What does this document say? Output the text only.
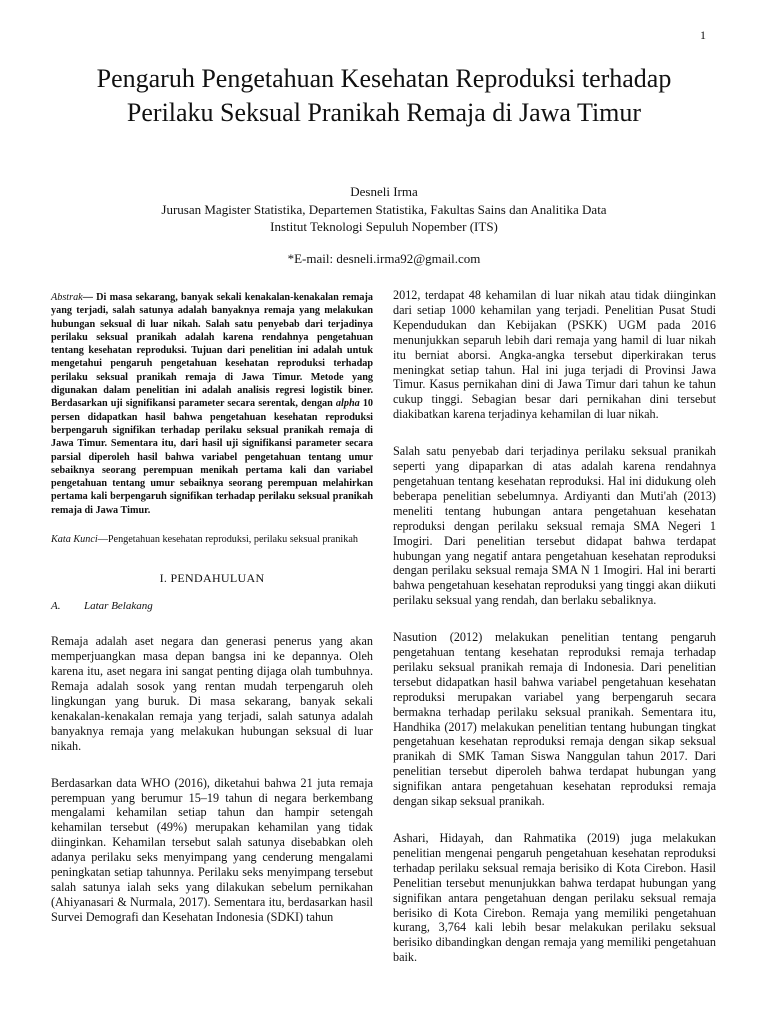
1
Pengaruh Pengetahuan Kesehatan Reproduksi terhadap Perilaku Seksual Pranikah Remaja di Jawa Timur
Desneli Irma
Jurusan Magister Statistika, Departemen Statistika, Fakultas Sains dan Analitika Data
Institut Teknologi Sepuluh Nopember (ITS)
*E-mail: desneli.irma92@gmail.com

Abstrak— Di masa sekarang, banyak sekali kenakalan-kenakalan remaja yang terjadi, salah satunya adalah banyaknya remaja yang melakukan hubungan seksual di luar nikah. Salah satu penyebab dari terjadinya perilaku seksual pranikah adalah karena rendahnya pengetahuan tentang kesehatan reproduksi. Tujuan dari penelitian ini adalah untuk mengetahui pengaruh pengetahuan kesehatan reproduksi terhadap perilaku seksual pranikah remaja di Jawa Timur. Metode yang digunakan dalam penelitian ini adalah analisis regresi logistik biner. Berdasarkan uji signifikansi parameter secara serentak, dengan alpha 10 persen didapatkan hasil bahwa pengetahuan kesehatan reproduksi berpengaruh signifikan terhadap perilaku seksual pranikah remaja di Jawa Timur. Sementara itu, dari hasil uji signifikansi parameter secara parsial diperoleh hasil bahwa variabel pengetahuan tentang umur sebaiknya seorang perempuan menikah pertama kali dan variabel pengetahuan tentang umur sebaiknya seorang perempuan melahirkan pertama kali berpengaruh signifikan terhadap perilaku seksual pranikah remaja di Jawa Timur.

Kata Kunci—Pengetahuan kesehatan reproduksi, perilaku seksual pranikah

I. PENDAHULUAN

A. Latar Belakang

Remaja adalah aset negara dan generasi penerus yang akan memperjuangkan masa depan bangsa ini ke depannya. Oleh karena itu, aset negara ini sangat penting dijaga olah tumbuhnya. Remaja adalah sosok yang rentan mudah terpengaruh oleh lingkungan yang buruk. Di masa sekarang, banyak sekali kenakalan-kenakalan remaja yang terjadi, salah satunya adalah banyaknya remaja yang melakukan hubungan seksual di luar nikah.

Berdasarkan data WHO (2016), diketahui bahwa 21 juta remaja perempuan yang berumur 15–19 tahun di negara berkembang mengalami kehamilan setiap tahun dan hampir setengah kehamilan tersebut (49%) merupakan kehamilan yang tidak diinginkan. Kehamilan tersebut salah satunya disebabkan oleh adanya perilaku seks menyimpang yang cenderung mengalami peningkatan setiap tahunnya. Perilaku seks menyimpang tersebut salah satunya ialah seks yang dilakukan sebelum pernikahan (Ahiyanasari & Nurmala, 2017). Sementara itu, berdasarkan hasil Survei Demografi dan Kesehatan Indonesia (SDKI) tahun

2012, terdapat 48 kehamilan di luar nikah atau tidak diinginkan dari setiap 1000 kehamilan yang terjadi. Penelitian Pusat Studi Kependudukan dan Kebijakan (PSKK) UGM pada 2016 menunjukkan separuh lebih dari remaja yang hamil di luar nikah itu berniat aborsi. Angka-angka tersebut diperkirakan terus meningkat setiap tahun. Hal ini juga terjadi di Provinsi Jawa Timur. Kasus pernikahan dini di Jawa Timur dari tahun ke tahun cukup tinggi. Sebagian besar dari pernikahan dini tersebut diakibatkan karena terjadinya kehamilan di luar nikah.

Salah satu penyebab dari terjadinya perilaku seksual pranikah seperti yang dipaparkan di atas adalah karena rendahnya pengetahuan tentang kesehatan reproduksi. Hal ini didukung oleh beberapa penelitian sebelumnya. Ardiyanti dan Muti'ah (2013) meneliti tentang hubungan antara pengetahuan kesehatan reproduksi dengan perilaku seksual remaja SMA Negeri 1 Imogiri. Dari penelitian tersebut didapat bahwa terdapat hubungan yang negatif antara pengetahuan kesehatan reproduksi dengan perilaku seksual remaja SMA N 1 Imogiri. Hal ini berarti bahwa pengetahuan kesehatan reproduksi yang tinggi akan diikuti perilaku seksual yang rendah, dan berlaku sebaliknya.

Nasution (2012) melakukan penelitian tentang pengaruh pengetahuan tentang kesehatan reproduksi remaja terhadap perilaku seksual pranikah remaja di Indonesia. Dari penelitian tersebut didapatkan hasil bahwa variabel pengetahuan kesehatan reproduksi merupakan variabel yang berpengaruh secara bermakna terhadap perilaku seksual pranikah. Sementara itu, Handhika (2017) melakukan penelitian tentang hubungan tingkat pengetahuan kesehatan reproduksi remaja dengan sikap seksual pranikah di SMK Taman Siswa Nanggulan tahun 2017. Dari penelitian tersebut diperoleh bahwa terdapat hubungan yang signifikan antara pengetahuan kesehatan reproduksi remaja dengan sikap seksual pranikah.

Ashari, Hidayah, dan Rahmatika (2019) juga melakukan penelitian mengenai pengaruh pengetahuan kesehatan reproduksi terhadap perilaku seksual remaja berisiko di Kota Cirebon. Hasil Penelitian tersebut menunjukkan bahwa terdapat hubungan yang signifikan antara pengetahuan dengan perilaku seksual remaja berisiko di Kota Cirebon. Remaja yang memiliki pengetahuan kurang, 3,764 kali lebih besar melakukan perilaku seksual berisiko dibandingkan dengan remaja yang memiliki pengetahuan baik.
